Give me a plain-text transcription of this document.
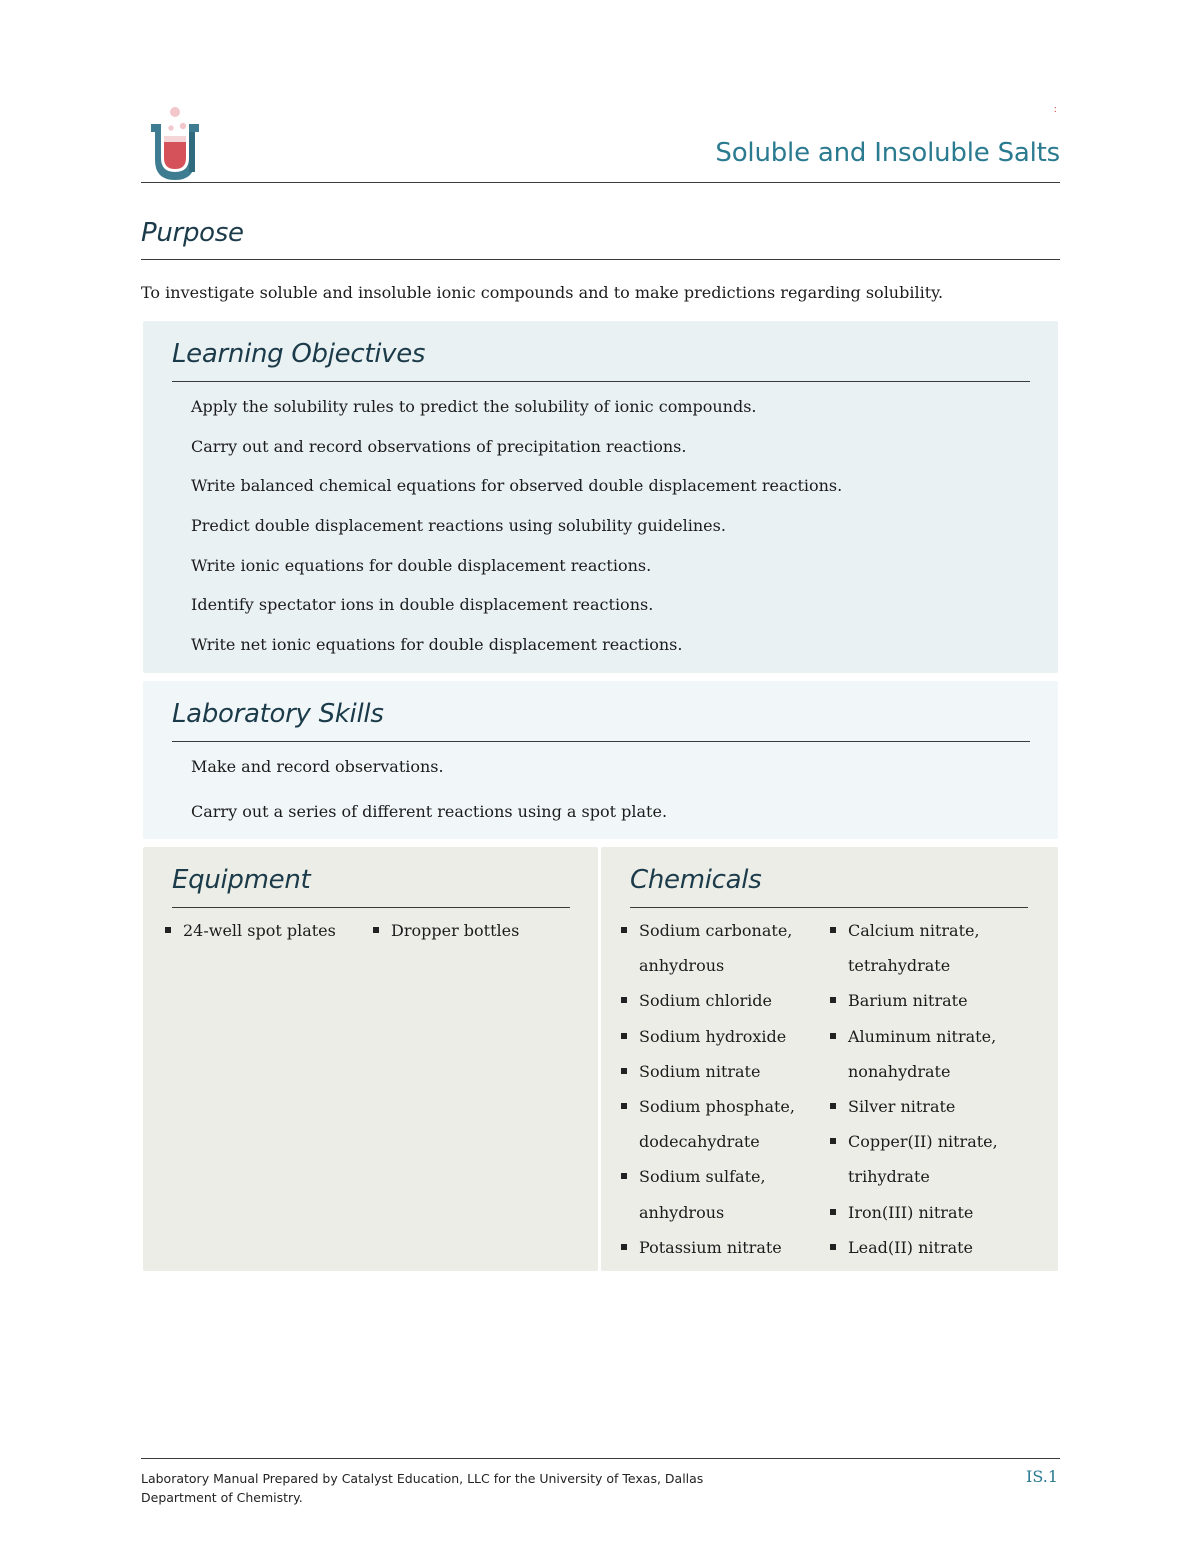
:
Soluble and Insoluble Salts
Purpose
To investigate soluble and insoluble ionic compounds and to make predictions regarding solubility.
Learning Objectives
Apply the solubility rules to predict the solubility of ionic compounds.
Carry out and record observations of precipitation reactions.
Write balanced chemical equations for observed double displacement reactions.
Predict double displacement reactions using solubility guidelines.
Write ionic equations for double displacement reactions.
Identify spectator ions in double displacement reactions.
Write net ionic equations for double displacement reactions.
Laboratory Skills
Make and record observations.
Carry out a series of different reactions using a spot plate.
Equipment
24-well spot plates	Dropper bottles
Chemicals
Sodium carbonate, anhydrous
Sodium chloride
Sodium hydroxide
Sodium nitrate
Sodium phosphate, dodecahydrate
Sodium sulfate, anhydrous
Potassium nitrate
Calcium nitrate, tetrahydrate
Barium nitrate
Aluminum nitrate, nonahydrate
Silver nitrate
Copper(II) nitrate, trihydrate
Iron(III) nitrate
Lead(II) nitrate
Laboratory Manual Prepared by Catalyst Education, LLC for the University of Texas, Dallas Department of Chemistry.
IS.1
